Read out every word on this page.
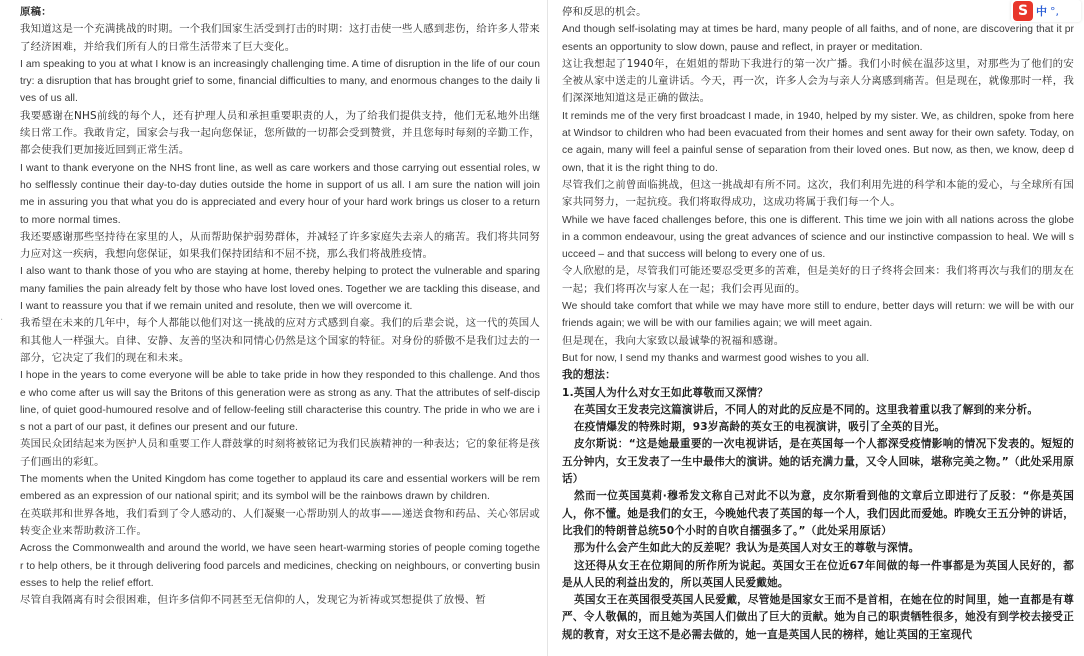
原稿：

我知道这是一个充满挑战的时期。一个我们国家生活受到打击的时期：这打击使一些人感到悲伤，给许多人带来了经济困难，并给我们所有人的日常生活带来了巨大变化。

I am speaking to you at what I know is an increasingly challenging time. A time of disruption in the life of our country: a disruption that has brought grief to some, financial difficulties to many, and enormous changes to the daily lives of us all.

我要感谢在NHS前线的每个人，还有护理人员和承担重要职责的人，为了给我们提供支持，他们无私地外出继续日常工作。我敢肯定，国家会与我一起向您保证，您所做的一切都会受到赞赏，并且您每时每刻的辛勤工作，都会使我们更加接近回到正常生活。

I want to thank everyone on the NHS front line, as well as care workers and those carrying out essential roles, who selflessly continue their day-to-day duties outside the home in support of us all. I am sure the nation will join me in assuring you that what you do is appreciated and every hour of your hard work brings us closer to a return to more normal times.

我还要感谢那些坚持待在家里的人，从而帮助保护弱势群体，并减轻了许多家庭失去亲人的痛苦。我们将共同努力应对这一疾病，我想向您保证，如果我们保持团结和不屈不挠，那么我们将战胜疫情。

I also want to thank those of you who are staying at home, thereby helping to protect the vulnerable and sparing many families the pain already felt by those who have lost loved ones. Together we are tackling this disease, and I want to reassure you that if we remain united and resolute, then we will overcome it.

我希望在未来的几年中，每个人都能以他们对这一挑战的应对方式感到自豪。我们的后辈会说，这一代的英国人和其他人一样强大。自律、安静、友善的坚决和同情心仍然是这个国家的特征。对身份的骄傲不是我们过去的一部分，它决定了我们的现在和未来。

I hope in the years to come everyone will be able to take pride in how they responded to this challenge. And those who come after us will say the Britons of this generation were as strong as any. That the attributes of self-discipline, of quiet good-humoured resolve and of fellow-feeling still characterise this country. The pride in who we are is not a part of our past, it defines our present and our future.

英国民众团结起来为医护人员和重要工作人群鼓掌的时刻将被铭记为我们民族精神的一种表达；它的象征将是孩子们画出的彩虹。

The moments when the United Kingdom has come together to applaud its care and essential workers will be remembered as an expression of our national spirit; and its symbol will be the rainbows drawn by children.

在英联邦和世界各地，我们看到了令人感动的、人们凝聚一心帮助别人的故事——递送食物和药品、关心邻居或转变企业来帮助救济工作。

Across the Commonwealth and around the world, we have seen heart-warming stories of people coming together to help others, be it through delivering food parcels and medicines, checking on neighbours, or converting businesses to help the relief effort.

尽管自我隔离有时会很困难，但许多信仰不同甚至无信仰的人，发现它为祈祷或冥想提供了放慢、暂

停和反思的机会。

And though self-isolating may at times be hard, many people of all faiths, and of none, are discovering that it presents an opportunity to slow down, pause and reflect, in prayer or meditation.

这让我想起了1940年，在姐姐的帮助下我进行的第一次广播。我们小时候在温莎这里，对那些为了他们的安全被从家中送走的儿童讲话。今天，再一次，许多人会为与亲人分离感到痛苦。但是现在，就像那时一样，我们深深地知道这是正确的做法。

It reminds me of the very first broadcast I made, in 1940, helped by my sister. We, as children, spoke from here at Windsor to children who had been evacuated from their homes and sent away for their own safety. Today, once again, many will feel a painful sense of separation from their loved ones. But now, as then, we know, deep down, that it is the right thing to do.

尽管我们之前曾面临挑战，但这一挑战却有所不同。这次，我们利用先进的科学和本能的爱心，与全球所有国家共同努力，一起抗疫。我们将取得成功，这成功将属于我们每一个人。

While we have faced challenges before, this one is different. This time we join with all nations across the globe in a common endeavour, using the great advances of science and our instinctive compassion to heal. We will succeed – and that success will belong to every one of us.

令人欣慰的是，尽管我们可能还要忍受更多的苦难，但是美好的日子终将会回来：我们将再次与我们的朋友在一起；我们将再次与家人在一起；我们会再见面的。

We should take comfort that while we may have more still to endure, better days will return: we will be with our friends again; we will be with our families again; we will meet again.

但是现在，我向大家致以最诚挚的祝福和感谢。

But for now, I send my thanks and warmest good wishes to you all.

我的想法：

1.英国人为什么对女王如此尊敬而又深情？

在英国女王发表完这篇演讲后，不同人的对此的反应是不同的。这里我着重以我了解到的来分析。

在疫情爆发的特殊时期，93岁高龄的英女王的电视演讲，吸引了全英的目光。

皮尔斯说：“这是她最重要的一次电视讲话，是在英国每一个人都深受疫情影响的情况下发表的。短短的五分钟内，女王发表了一生中最伟大的演讲。她的话充满力量，又令人回味，堪称完美之物。”（此处采用原话）

然而一位英国莫莉·穆希发文称自己对此不以为意，皮尔斯看到他的文章后立即进行了反驳：“你是英国人，你不懂。她是我们的女王，今晚她代表了英国的每一个人，我们因此而爱她。昨晚女王五分钟的讲话，比我们的特朗普总统50个小时的自吹自擂强多了。”（此处采用原话）

那为什么会产生如此大的反差呢？我认为是英国人对女王的尊敬与深情。

这还得从女王在位期间的所作所为说起。英国女王在位近67年间做的每一件事都是为英国人民好的，都是从人民的利益出发的，所以英国人民爱戴她。

英国女王在英国很受英国人民爱戴，尽管她是国家女王而不是首相，在她在位的时间里，她一直都是有尊严、令人敬佩的，而且她为英国人们做出了巨大的贡献。她为自己的职责牺牲很多，她没有到学校去接受正规的教育，对女王这不是必需去做的，她一直是英国人民的榜样，她让英国的王室现代

·
S 中 °,
